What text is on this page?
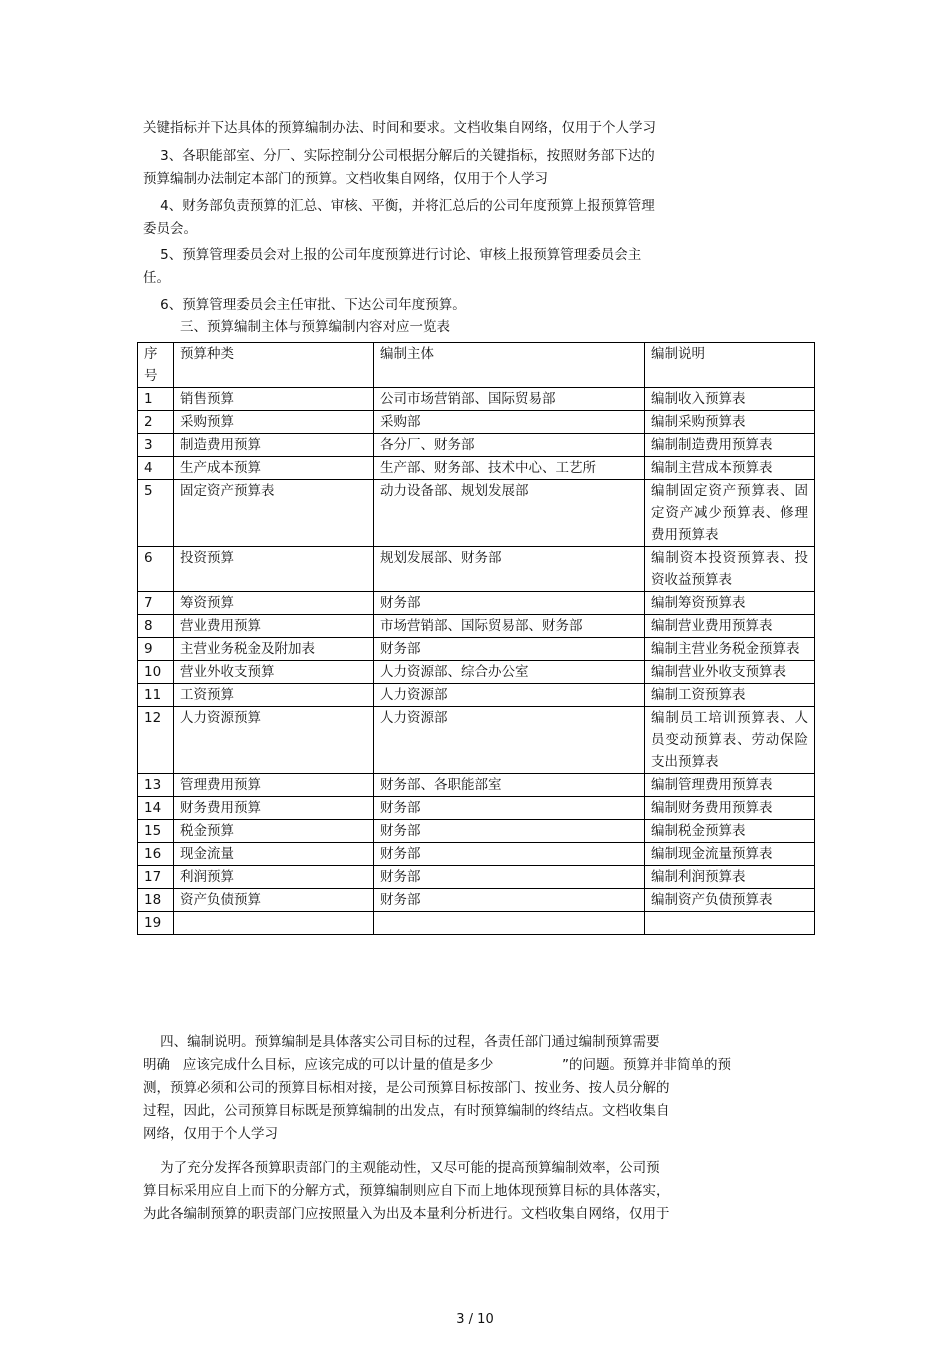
关键指标并下达具体的预算编制办法、时间和要求。文档收集自网络，仅用于个人学习

3、各职能部室、分厂、实际控制分公司根据分解后的关键指标，按照财务部下达的
预算编制办法制定本部门的预算。文档收集自网络，仅用于个人学习

4、财务部负责预算的汇总、审核、平衡，并将汇总后的公司年度预算上报预算管理
委员会。

5、预算管理委员会对上报的公司年度预算进行讨论、审核上报预算管理委员会主
任。

6、预算管理委员会主任审批、下达公司年度预算。

三、预算编制主体与预算编制内容对应一览表
序号	预算种类	编制主体	编制说明
1	销售预算	公司市场营销部、国际贸易部	编制收入预算表
2	采购预算	采购部	编制采购预算表
3	制造费用预算	各分厂、财务部	编制制造费用预算表
4	生产成本预算	生产部、财务部、技术中心、工艺所	编制主营成本预算表
5	固定资产预算表	动力设备部、规划发展部	编制固定资产预算表、固定资产减少预算表、修理费用预算表
6	投资预算	规划发展部、财务部	编制资本投资预算表、投资收益预算表
7	筹资预算	财务部	编制筹资预算表
8	营业费用预算	市场营销部、国际贸易部、财务部	编制营业费用预算表
9	主营业务税金及附加表	财务部	编制主营业务税金预算表
10	营业外收支预算	人力资源部、综合办公室	编制营业外收支预算表
11	工资预算	人力资源部	编制工资预算表
12	人力资源预算	人力资源部	编制员工培训预算表、人员变动预算表、劳动保险支出预算表
13	管理费用预算	财务部、各职能部室	编制管理费用预算表
14	财务费用预算	财务部	编制财务费用预算表
15	税金预算	财务部	编制税金预算表
16	现金流量	财务部	编制现金流量预算表
17	利润预算	财务部	编制利润预算表
18	资产负债预算	财务部	编制资产负债预算表
19			

四、编制说明。预算编制是具体落实公司目标的过程，各责任部门通过编制预算需要
明确   应该完成什么目标，应该完成的可以计量的值是多少                ”的问题。预算并非简单的预
测，预算必须和公司的预算目标相对接，是公司预算目标按部门、按业务、按人员分解的
过程，因此，公司预算目标既是预算编制的出发点，有时预算编制的终结点。文档收集自
网络，仅用于个人学习

为了充分发挥各预算职责部门的主观能动性，又尽可能的提高预算编制效率，公司预
算目标采用应自上而下的分解方式，预算编制则应自下而上地体现预算目标的具体落实，
为此各编制预算的职责部门应按照量入为出及本量利分析进行。文档收集自网络，仅用于

3 / 10
